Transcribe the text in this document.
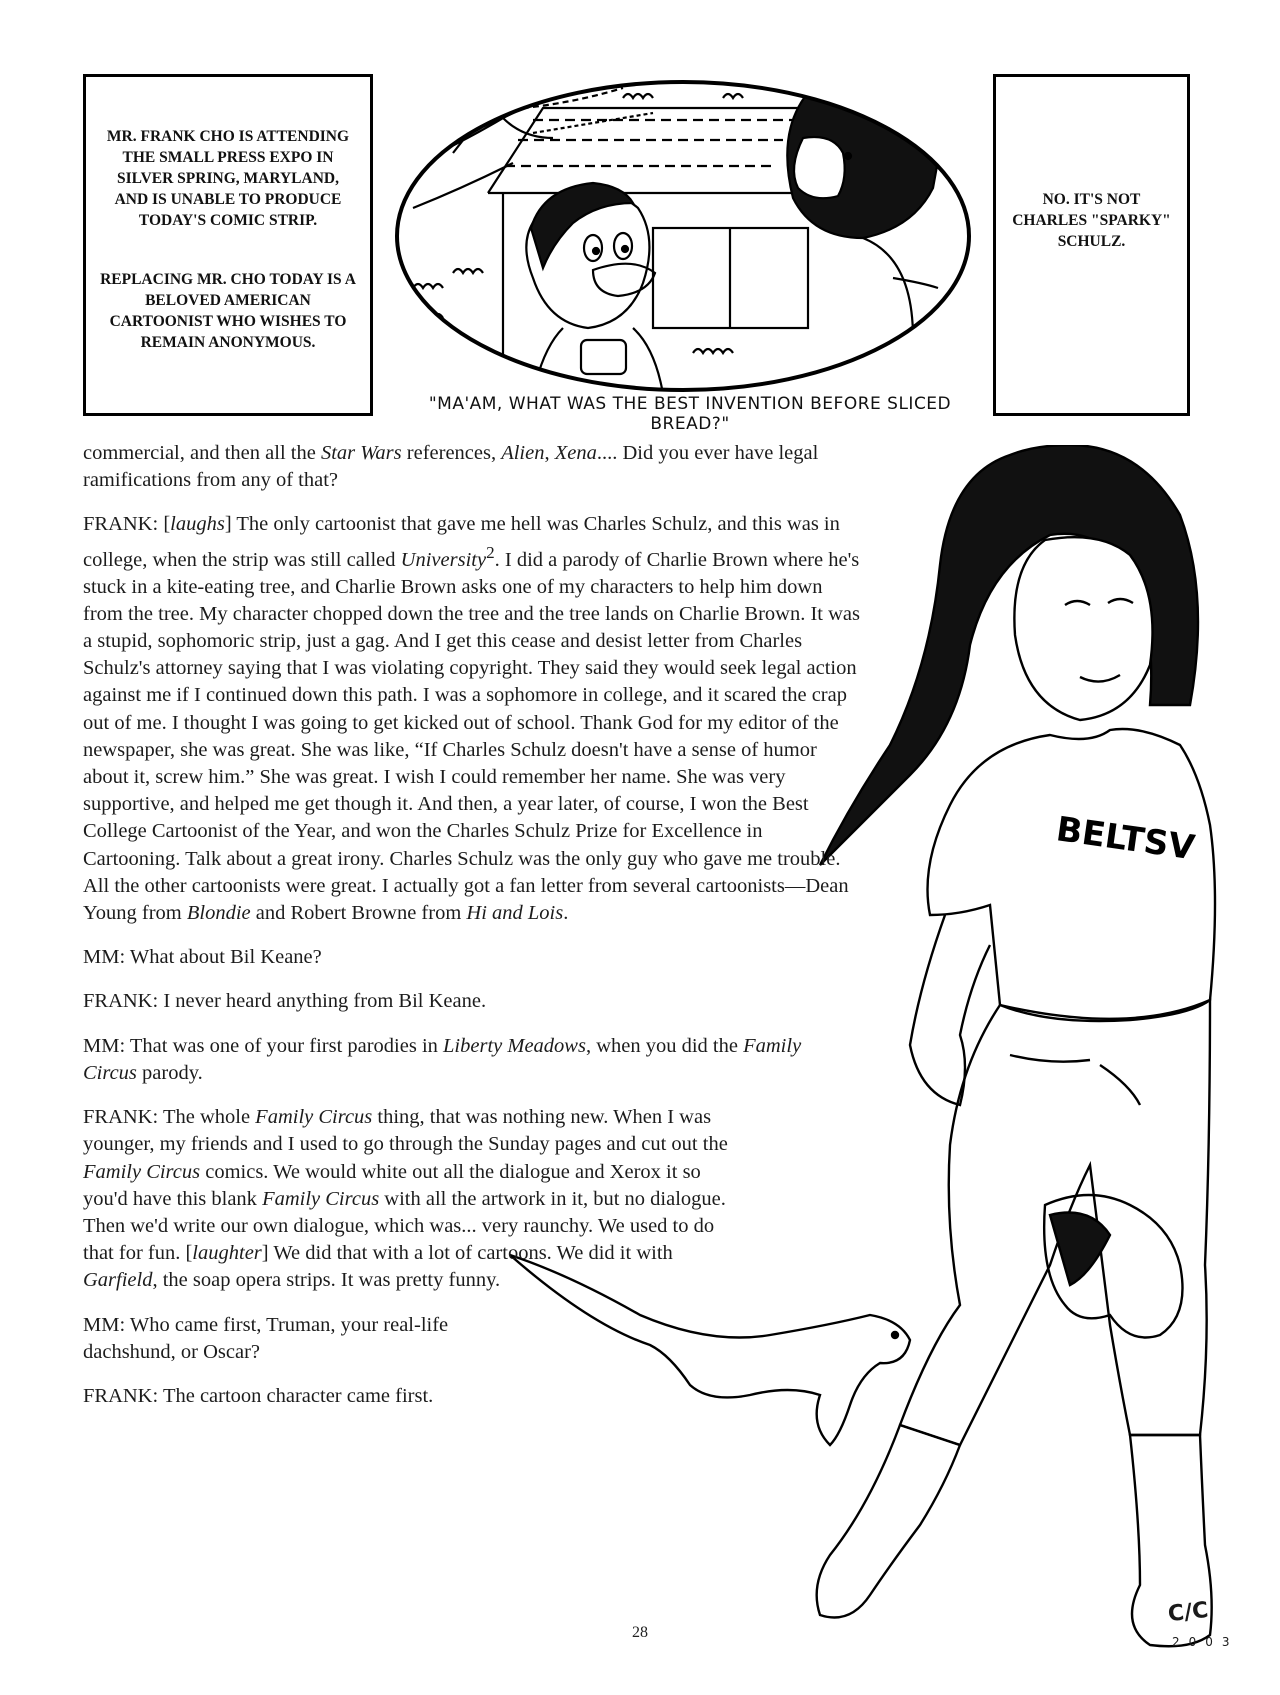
MR. FRANK CHO IS ATTENDING THE SMALL PRESS EXPO IN SILVER SPRING, MARYLAND, AND IS UNABLE TO PRODUCE TODAY'S COMIC STRIP.
REPLACING MR. CHO TODAY IS A BELOVED AMERICAN CARTOONIST WHO WISHES TO REMAIN ANONYMOUS.
"MA'AM, WHAT WAS THE BEST INVENTION BEFORE SLICED BREAD?"
NO. IT'S NOT CHARLES "SPARKY" SCHULZ.
BELTSV

commercial, and then all the Star Wars references, Alien, Xena.... Did you ever have legal ramifications from any of that?

FRANK: [laughs] The only cartoonist that gave me hell was Charles Schulz, and this was in college, when the strip was still called University$^2$. I did a parody of Charlie Brown where he's stuck in a kite-eating tree, and Charlie Brown asks one of my characters to help him down from the tree. My character chopped down the tree and the tree lands on Charlie Brown. It was a stupid, sophomoric strip, just a gag. And I get this cease and desist letter from Charles Schulz's attorney saying that I was violating copyright. They said they would seek legal action against me if I continued down this path. I was a sophomore in college, and it scared the crap out of me. I thought I was going to get kicked out of school. Thank God for my editor of the newspaper, she was great. She was like, “If Charles Schulz doesn't have a sense of humor about it, screw him.” She was great. I wish I could remember her name. She was very supportive, and helped me get though it. And then, a year later, of course, I won the Best College Cartoonist of the Year, and won the Charles Schulz Prize for Excellence in Cartooning. Talk about a great irony. Charles Schulz was the only guy who gave me trouble. All the other cartoonists were great. I actually got a fan letter from several cartoonists—Dean Young from Blondie and Robert Browne from Hi and Lois.

MM: What about Bil Keane?

FRANK: I never heard anything from Bil Keane.

MM: That was one of your first parodies in Liberty Meadows, when you did the Family Circus parody.

FRANK: The whole Family Circus thing, that was nothing new. When I was younger, my friends and I used to go through the Sunday pages and cut out the Family Circus comics. We would white out all the dialogue and Xerox it so you'd have this blank Family Circus with all the artwork in it, but no dialogue. Then we'd write our own dialogue, which was... very raunchy. We used to do that for fun. [laughter] We did that with a lot of cartoons. We did it with Garfield, the soap opera strips. It was pretty funny.

MM: Who came first, Truman, your real-life dachshund, or Oscar?

FRANK: The cartoon character came first.

C/C
2003
28
